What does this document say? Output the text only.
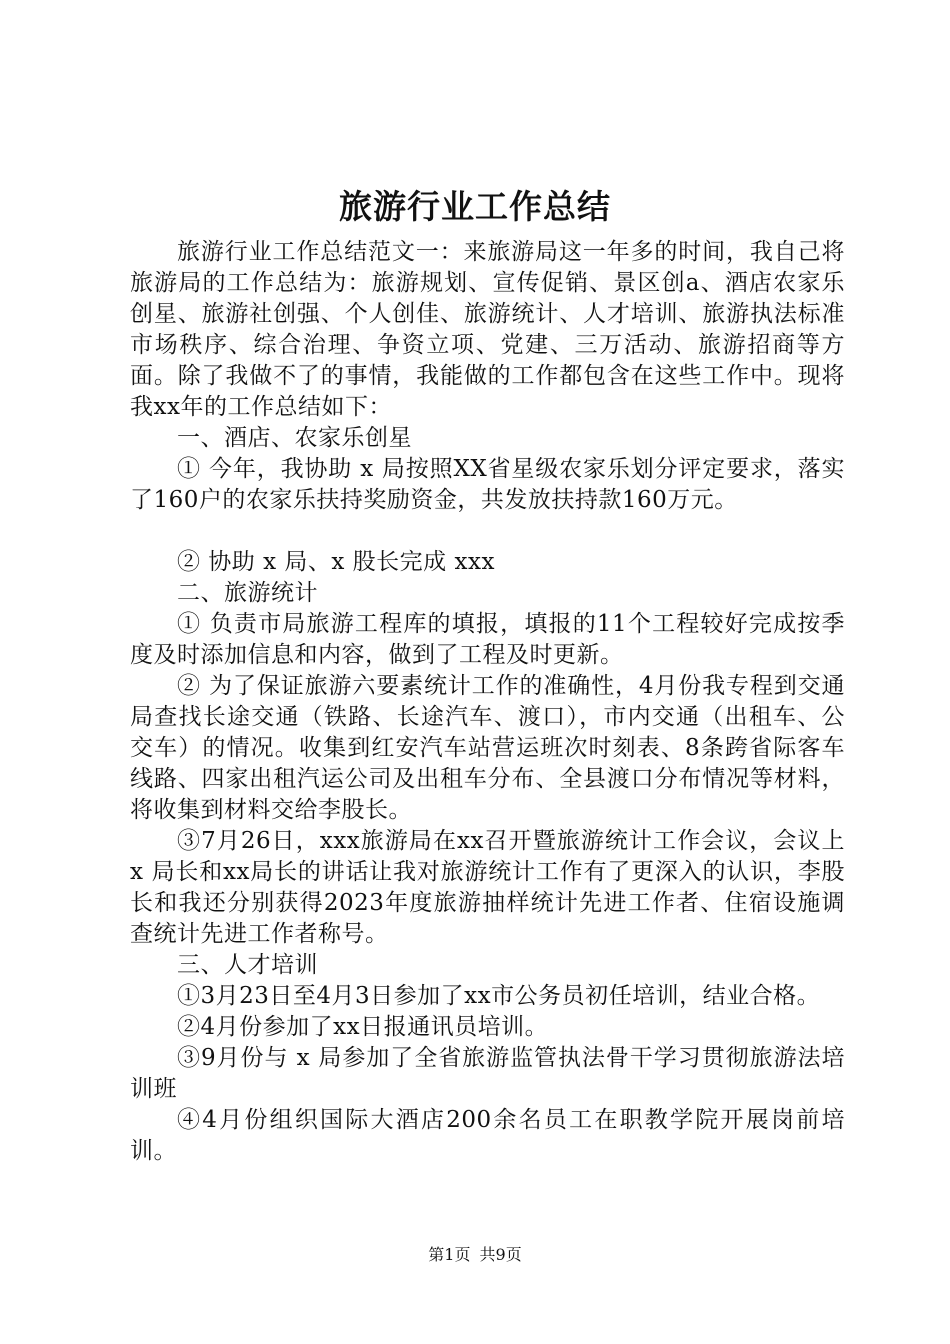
旅游行业工作总结

旅游行业工作总结范文一：来旅游局这一年多的时间，我自己将旅游局的工作总结为：旅游规划、宣传促销、景区创a、酒店农家乐创星、旅游社创强、个人创佳、旅游统计、人才培训、旅游执法标准市场秩序、综合治理、争资立项、党建、三万活动、旅游招商等方面。除了我做不了的事情，我能做的工作都包含在这些工作中。现将我xx年的工作总结如下：

一、酒店、农家乐创星

① 今年，我协助 x 局按照XX省星级农家乐划分评定要求，落实了160户的农家乐扶持奖励资金，共发放扶持款160万元。

② 协助 x 局、x 股长完成 xxx

二、旅游统计

① 负责市局旅游工程库的填报，填报的11个工程较好完成按季度及时添加信息和内容，做到了工程及时更新。

② 为了保证旅游六要素统计工作的准确性，4月份我专程到交通局查找长途交通（铁路、长途汽车、渡口），市内交通（出租车、公交车）的情况。收集到红安汽车站营运班次时刻表、8条跨省际客车线路、四家出租汽运公司及出租车分布、全县渡口分布情况等材料，将收集到材料交给李股长。

③7月26日，xxx旅游局在xx召开暨旅游统计工作会议，会议上 x 局长和xx局长的讲话让我对旅游统计工作有了更深入的认识，李股长和我还分别获得2023年度旅游抽样统计先进工作者、住宿设施调查统计先进工作者称号。

三、人才培训

①3月23日至4月3日参加了xx市公务员初任培训，结业合格。

②4月份参加了xx日报通讯员培训。

③9月份与 x 局参加了全省旅游监管执法骨干学习贯彻旅游法培训班

④4月份组织国际大酒店200余名员工在职教学院开展岗前培训。

第1页 共9页
